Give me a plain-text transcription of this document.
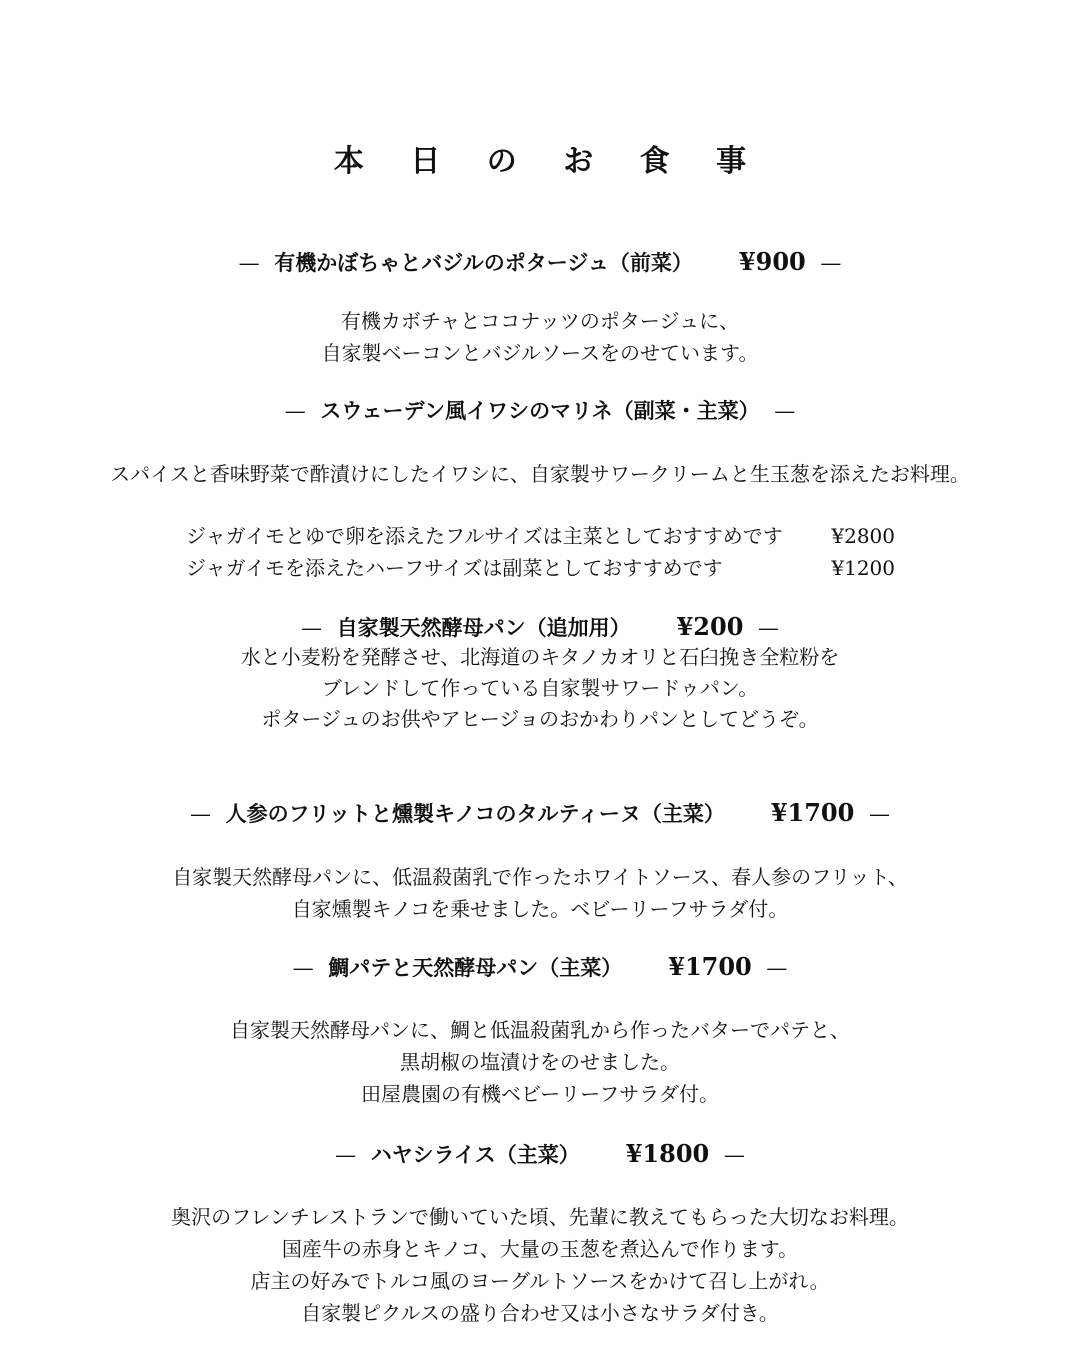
本 日 の お 食 事
— 有機かぼちゃとバジルのポタージュ（前菜） ¥900 —
有機カボチャとココナッツのポタージュに、
自家製ベーコンとバジルソースをのせています。
— スウェーデン風イワシのマリネ（副菜・主菜） —
スパイスと香味野菜で酢漬けにしたイワシに、自家製サワークリームと生玉葱を添えたお料理。
ジャガイモとゆで卵を添えたフルサイズは主菜としておすすめです ¥2800
ジャガイモを添えたハーフサイズは副菜としておすすめです	¥1200
— 自家製天然酵母パン（追加用） ¥200 —
水と小麦粉を発酵させ、北海道のキタノカオリと石臼挽き全粒粉を
ブレンドして作っている自家製サワードゥパン。
ポタージュのお供やアヒージョのおかわりパンとしてどうぞ。
— 人参のフリットと燻製キノコのタルティーヌ（主菜） ¥1700 —
自家製天然酵母パンに、低温殺菌乳で作ったホワイトソース、春人参のフリット、
自家燻製キノコを乗せました。ベビーリーフサラダ付。
— 鯛パテと天然酵母パン（主菜） ¥1700 —
自家製天然酵母パンに、鯛と低温殺菌乳から作ったバターでパテと、
黒胡椒の塩漬けをのせました。
田屋農園の有機ベビーリーフサラダ付。
— ハヤシライス（主菜） ¥1800 —
奥沢のフレンチレストランで働いていた頃、先輩に教えてもらった大切なお料理。
国産牛の赤身とキノコ、大量の玉葱を煮込んで作ります。
店主の好みでトルコ風のヨーグルトソースをかけて召し上がれ。
自家製ピクルスの盛り合わせ又は小さなサラダ付き。
